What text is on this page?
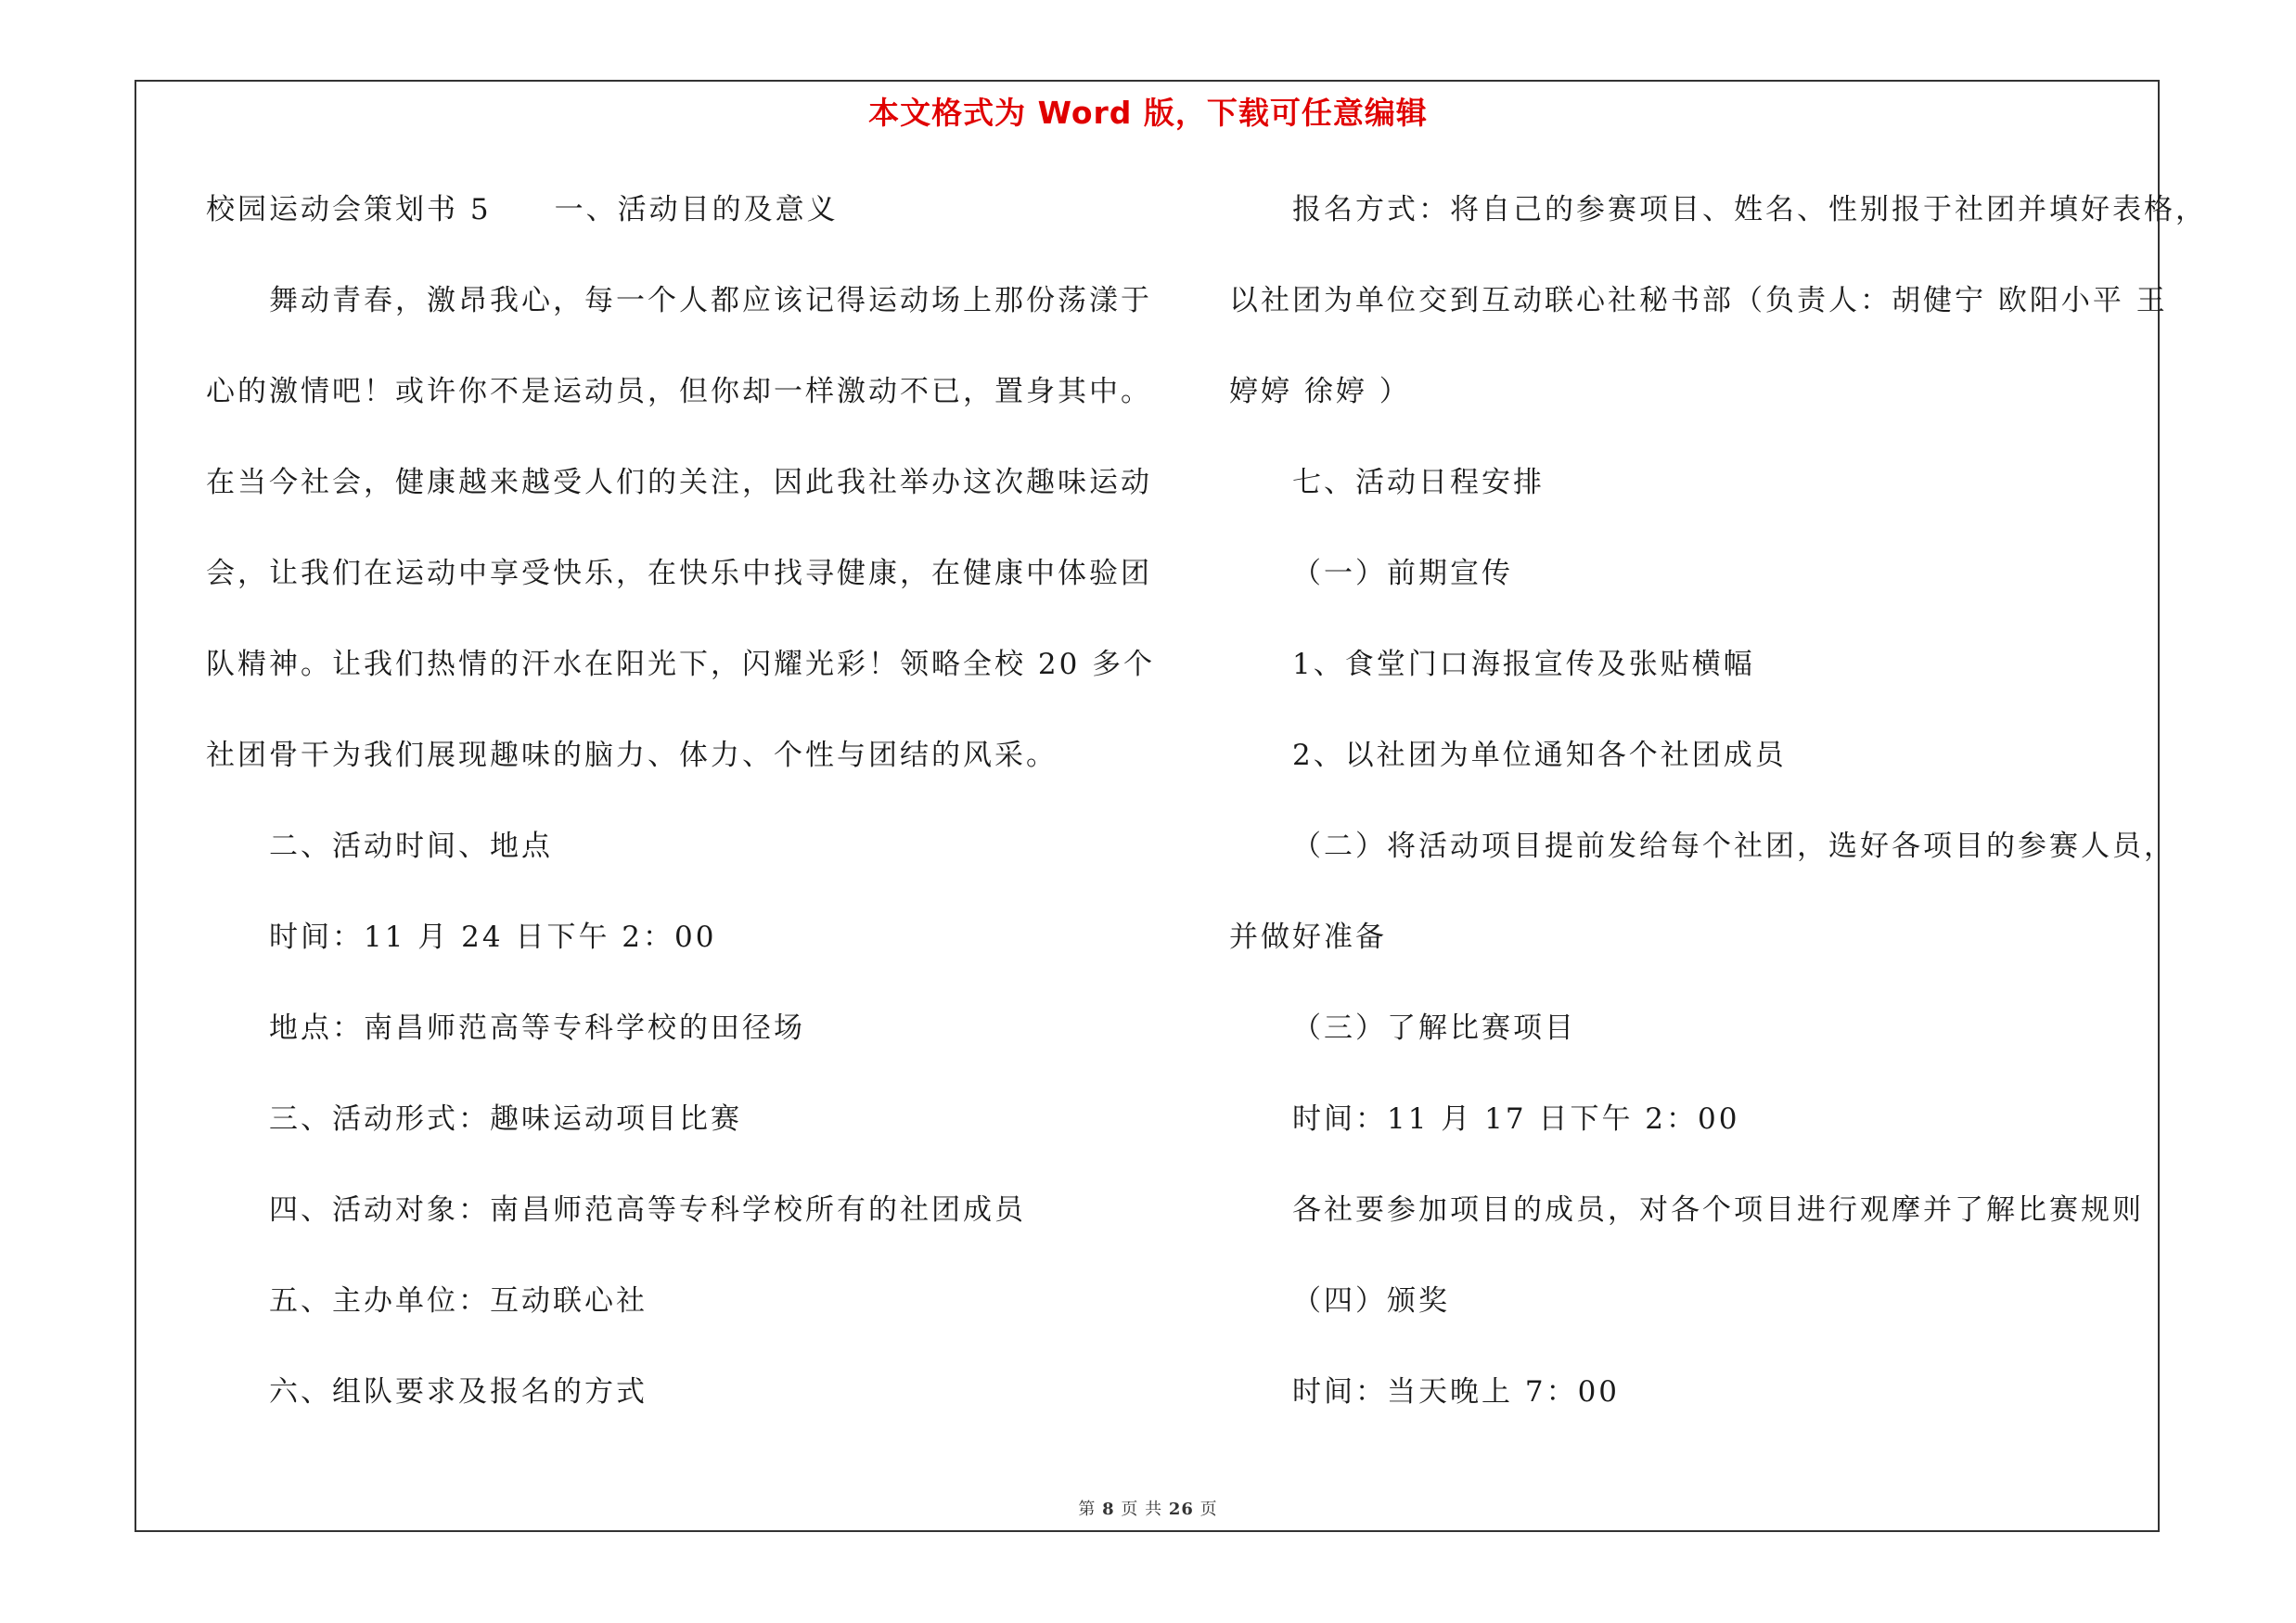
本文格式为 Word 版，下载可任意编辑
校园运动会策划书 5　　一、活动目的及意义
舞动青春，激昂我心，每一个人都应该记得运动场上那份荡漾于
心的激情吧！或许你不是运动员，但你却一样激动不已，置身其中。
在当今社会，健康越来越受人们的关注，因此我社举办这次趣味运动
会，让我们在运动中享受快乐，在快乐中找寻健康，在健康中体验团
队精神。让我们热情的汗水在阳光下，闪耀光彩！领略全校 20 多个
社团骨干为我们展现趣味的脑力、体力、个性与团结的风采。
二、活动时间、地点
时间：11 月 24 日下午 2：00
地点：南昌师范高等专科学校的田径场
三、活动形式：趣味运动项目比赛
四、活动对象：南昌师范高等专科学校所有的社团成员
五、主办单位：互动联心社
六、组队要求及报名的方式
报名方式：将自己的参赛项目、姓名、性别报于社团并填好表格，
以社团为单位交到互动联心社秘书部（负责人：胡健宁 欧阳小平 王
婷婷 徐婷 ）
七、活动日程安排
（一）前期宣传
1、食堂门口海报宣传及张贴横幅
2、以社团为单位通知各个社团成员
（二）将活动项目提前发给每个社团，选好各项目的参赛人员，
并做好准备
（三）了解比赛项目
时间：11 月 17 日下午 2：00
各社要参加项目的成员，对各个项目进行观摩并了解比赛规则
（四）颁奖
时间：当天晚上 7：00
第 8 页 共 26 页
